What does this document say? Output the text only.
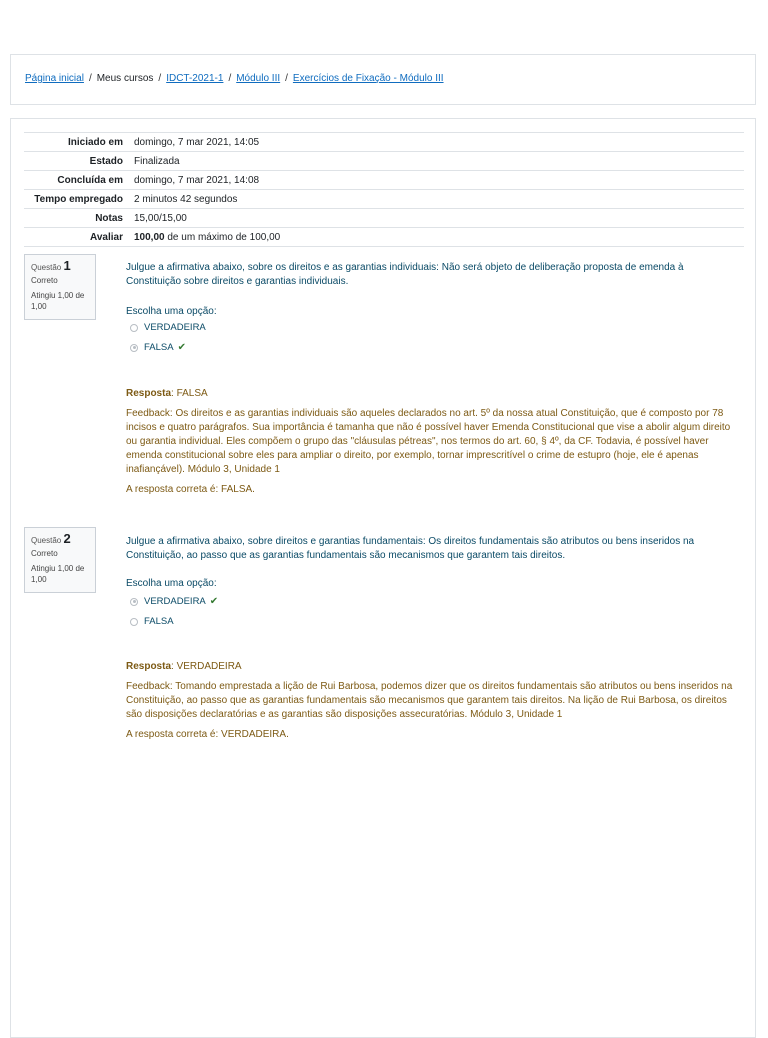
Página inicial / Meus cursos / IDCT-2021-1 / Módulo III / Exercícios de Fixação - Módulo III
Iniciado em	domingo, 7 mar 2021, 14:05
Estado	Finalizada
Concluída em	domingo, 7 mar 2021, 14:08
Tempo empregado	2 minutos 42 segundos
Notas	15,00/15,00
Avaliar	100,00 de um máximo de 100,00
Questão 1
Correto
Atingiu 1,00 de 1,00
Julgue a afirmativa abaixo, sobre os direitos e as garantias individuais: Não será objeto de deliberação proposta de emenda à Constituição sobre direitos e garantias individuais.
Escolha uma opção:
VERDADEIRA
FALSA ✔
Resposta: FALSA
Feedback: Os direitos e as garantias individuais são aqueles declarados no art. 5º da nossa atual Constituição, que é composto por 78 incisos e quatro parágrafos. Sua importância é tamanha que não é possível haver Emenda Constitucional que vise a abolir algum direito ou garantia individual. Eles compõem o grupo das "cláusulas pétreas", nos termos do art. 60, § 4º, da CF. Todavia, é possível haver emenda constitucional sobre eles para ampliar o direito, por exemplo, tornar imprescritível o crime de estupro (hoje, ele é apenas inafiançável). Módulo 3, Unidade 1
A resposta correta é: FALSA.
Questão 2
Correto
Atingiu 1,00 de 1,00
Julgue a afirmativa abaixo, sobre direitos e garantias fundamentais: Os direitos fundamentais são atributos ou bens inseridos na Constituição, ao passo que as garantias fundamentais são mecanismos que garantem tais direitos.
Escolha uma opção:
VERDADEIRA ✔
FALSA
Resposta: VERDADEIRA
Feedback: Tomando emprestada a lição de Rui Barbosa, podemos dizer que os direitos fundamentais são atributos ou bens inseridos na Constituição, ao passo que as garantias fundamentais são mecanismos que garantem tais direitos. Na lição de Rui Barbosa, os direitos são disposições declaratórias e as garantias são disposições assecuratórias. Módulo 3, Unidade 1
A resposta correta é: VERDADEIRA.
